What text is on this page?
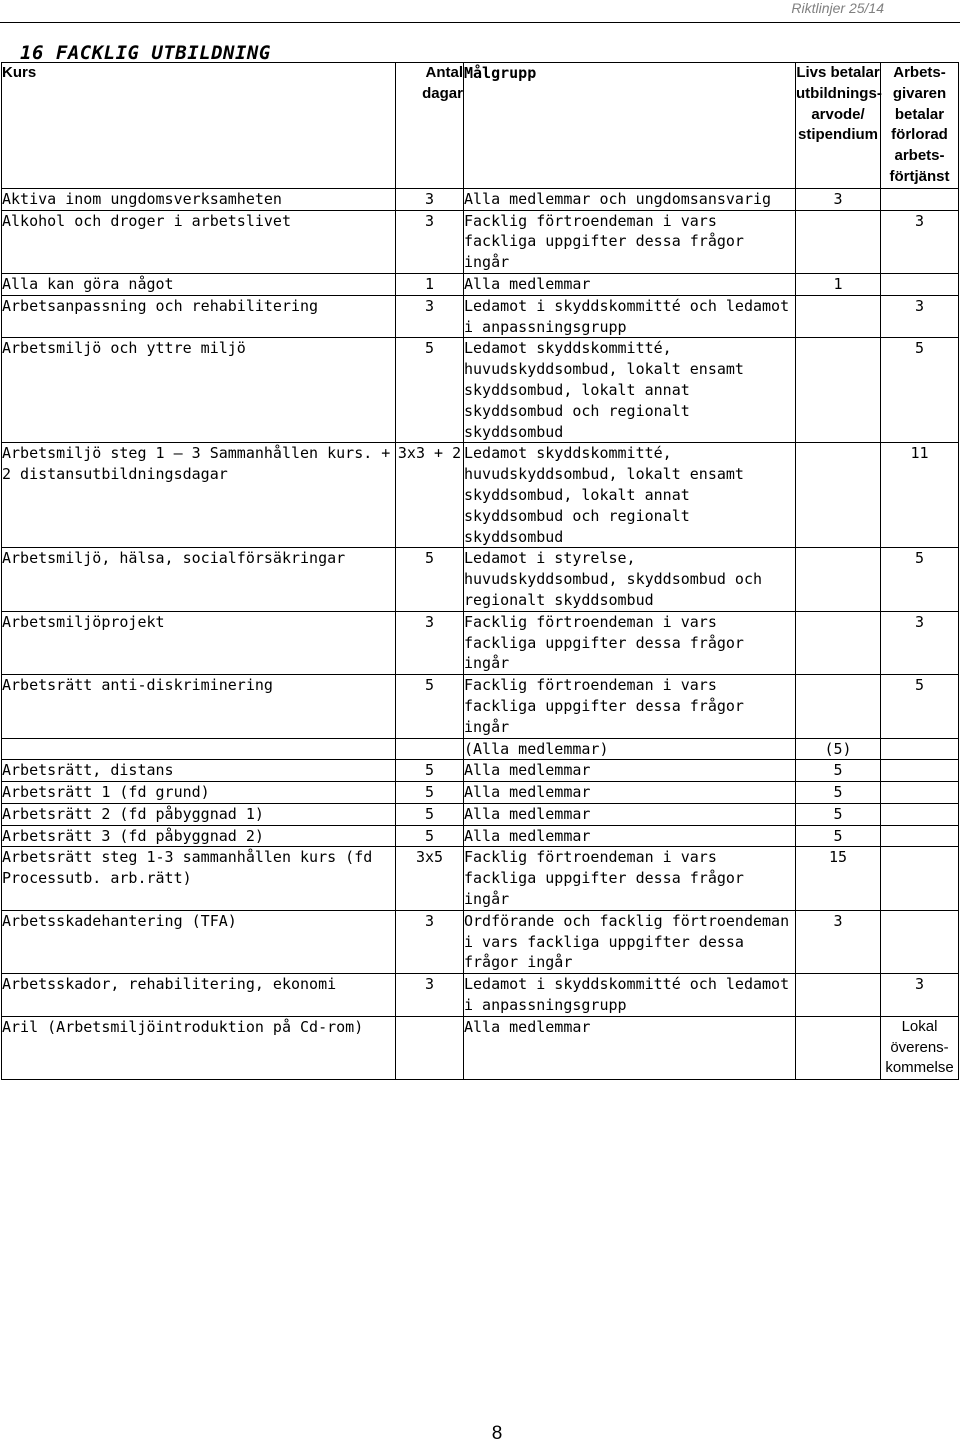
Riktlinjer 25/14
16 FACKLIG UTBILDNING
Kurs	Antal dagar	Målgrupp	Livs betalar utbildnings-arvode/ stipendium	Arbets-givaren betalar förlorad arbets-förtjänst
Aktiva inom ungdomsverksamheten	3	Alla medlemmar och ungdomsansvarig	3	
Alkohol och droger i arbetslivet	3	Facklig förtroendeman i vars fackliga uppgifter dessa frågor ingår		3
Alla kan göra något	1	Alla medlemmar	1	
Arbetsanpassning och rehabilitering	3	Ledamot i skyddskommitté och ledamot i anpassningsgrupp		3
Arbetsmiljö och yttre miljö	5	Ledamot skyddskommitté, huvudskyddsombud, lokalt ensamt skyddsombud, lokalt annat skyddsombud och regionalt skyddsombud		5
Arbetsmiljö steg 1 – 3 Sammanhållen kurs. + 2 distansutbildningsdagar	3x3 + 2	Ledamot skyddskommitté, huvudskyddsombud, lokalt ensamt skyddsombud, lokalt annat skyddsombud och regionalt skyddsombud		11
Arbetsmiljö, hälsa, socialförsäkringar	5	Ledamot i styrelse, huvudskyddsombud, skyddsombud och regionalt skyddsombud		5
Arbetsmiljöprojekt	3	Facklig förtroendeman i vars fackliga uppgifter dessa frågor ingår		3
Arbetsrätt anti-diskriminering	5	Facklig förtroendeman i vars fackliga uppgifter dessa frågor ingår		5
		(Alla medlemmar)	(5)	
Arbetsrätt, distans	5	Alla medlemmar	5	
Arbetsrätt 1 (fd grund)	5	Alla medlemmar	5	
Arbetsrätt 2 (fd påbyggnad 1)	5	Alla medlemmar	5	
Arbetsrätt 3 (fd påbyggnad 2)	5	Alla medlemmar	5	
Arbetsrätt steg 1-3 sammanhållen kurs (fd Processutb. arb.rätt)	3x5	Facklig förtroendeman i vars fackliga uppgifter dessa frågor ingår	15	
Arbetsskadehantering (TFA)	3	Ordförande och facklig förtroendeman i vars fackliga uppgifter dessa frågor ingår	3	
Arbetsskador, rehabilitering, ekonomi	3	Ledamot i skyddskommitté och ledamot i anpassningsgrupp		3
Aril (Arbetsmiljöintroduktion på Cd-rom)		Alla medlemmar		Lokal överens-kommelse
8
